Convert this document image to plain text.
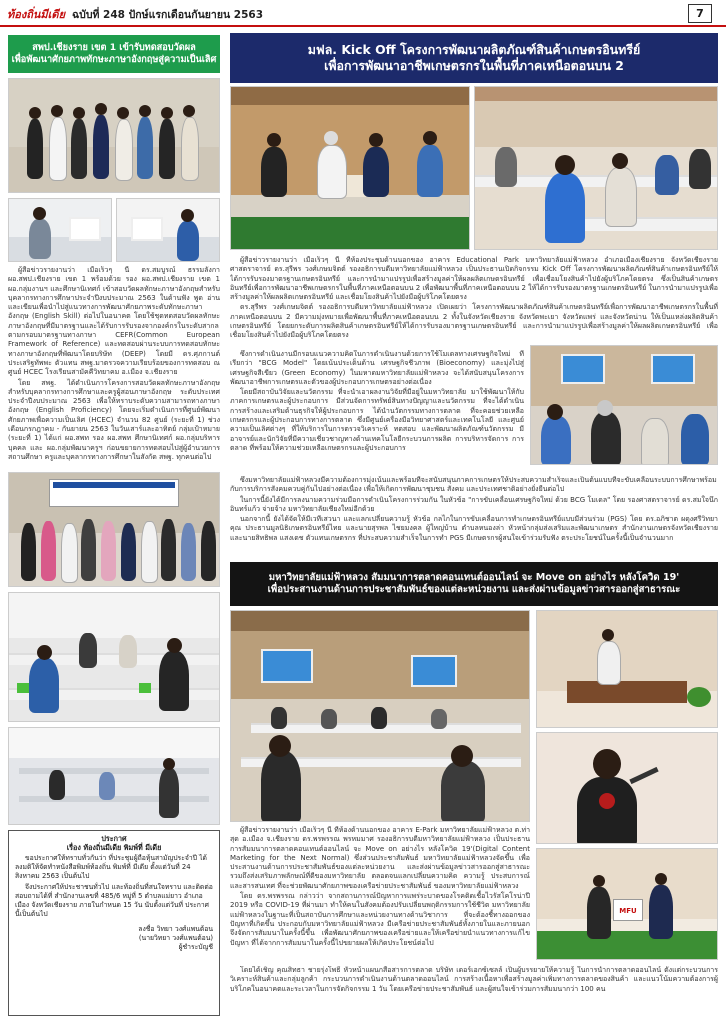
ท้องถิ่นมีเดีย ฉบับที่ 248 ปักษ์แรกเดือนกันยายน 2563	7
สพป.เชียงราย เขต 1 เข้ารับทดสอบวัดผล
เพื่อพัฒนาศักยภาพทักษะภาษาอังกฤษสู่ความเป็นเลิศ

ผู้สื่อข่าวรายงานว่า เมื่อเร็วๆ นี้ ดร.สมบูรณ์ ธรรมลังกา ผอ.สพป.เชียงราย เขต 1 พร้อมด้วย รอง ผอ.สพป.เชียงราย เขต 1 ผอ.กลุ่มงานฯ และศึกษานิเทศก์ เข้าสอบวัดผลทักษะภาษาอังกฤษสำหรับบุคลากรทางการศึกษาประจำปีงบประมาณ 2563 ในด้านฟัง พูด อ่านและเขียนเพื่อนำไปสู่แนวทางการพัฒนาศักยภาพระดับทักษะภาษาอังกฤษ (English Skill) ต่อไปในอนาคต โดยใช้ชุดทดสอบวัดผลทักษะภาษาอังกฤษที่มีมาตรฐานและได้รับการรับรองจากองค์กรในระดับสากล ตามกรอบมาตรฐานทางภาษา CEFR(Common European Framework of Reference) และทดสอบผ่านระบบการทดสอบทักษะทางภาษาอังกฤษที่พัฒนาโดยบริษัท (DEEP) โดยมี ดร.ศุภกานต์ ประเสริฐทัพพะ ตัวแทน สพฐ.มาตรวจความเรียบร้อยของการทดสอบ ณ ศูนย์ HCEC โรงเรียนสามัคคีวิทยาคม อ.เมือง จ.เชียงราย

โดย สพฐ. ได้ดำเนินการโครงการสอบวัดผลทักษะภาษาอังกฤษสำหรับบุคลากรทางการศึกษาและครูผู้สอนภาษาอังกฤษ ระดับประเทศ ประจำปีงบประมาณ 2563 เพื่อให้ทราบระดับความสามารถทางภาษาอังกฤษ (English Proficiency) โดยจะเริ่มดำเนินการที่ศูนย์พัฒนาศักยภาพเพื่อความเป็นเลิศ (HCEC) จำนวน 82 ศูนย์ (ระยะที่ 1) ช่วงเดือนกรกฎาคม - กันยายน 2563 ในวันเสาร์และอาทิตย์ กลุ่มเป้าหมาย (ระยะที่ 1) ได้แก่ ผอ.สพท รอง ผอ.สพท ศึกษานิเทศก์ ผอ.กลุ่มบริหารบุคคล และ ผอ.กลุ่มพัฒนาครูฯ ก่อนขยายการทดสอบไปสู่ผู้อำนวยการสถานศึกษา ครูและบุคลากรทางการศึกษาในสังกัด สพฐ. ทุกคนต่อไป

ประกาศ
เรื่อง ท้องถิ่นมีเดีย พิมพ์ที่ มีเดีย

ขอประกาศให้ทราบทั่วกันว่า ที่ประชุมผู้ถือหุ้นสามัญประจำปี ได้ลงมติให้จัดทำหนังสือพิมพ์ท้องถิ่น พิมพ์ที่ มีเดีย ตั้งแต่วันที่ 24 สิงหาคม 2563 เป็นต้นไป

จึงประกาศให้ประชาชนทั่วไป และท้องถิ่นที่สนใจทราบ และติดต่อสอบถามได้ที่ สำนักงานเลขที่ 485/6 หมู่ที่ 5 ตำบลแม่ยาว อำเภอเมือง จังหวัดเชียงราย ภายในกำหนด 15 วัน นับตั้งแต่วันที่ ประกาศนี้เป็นต้นไป

ลงชื่อ วิทยา วงศ์แพนต้อน
(นายวิทยา วงศ์แพนต้อน)
ผู้ชำระบัญชี
มฟล. Kick Off โครงการพัฒนาผลิตภัณฑ์สินค้าเกษตรอินทรีย์
เพื่อการพัฒนาอาชีพเกษตรกรในพื้นที่ภาคเหนือตอนบน 2

ผู้สื่อข่าวรายงานว่า เมื่อเร็วๆ นี้ ที่ห้องประชุมด้านนอกของ อาคาร Educational Park มหาวิทยาลัยแม่ฟ้าหลวง อำเภอเมืองเชียงราย จังหวัดเชียงราย ศาสตราจารย์ ดร.สุรีพร วงศ์เกษมจิตต์ รองอธิการบดีมหาวิทยาลัยแม่ฟ้าหลวง เป็นประธานเปิดกิจกรรม Kick Off โครงการพัฒนาผลิตภัณฑ์สินค้าเกษตรอินทรีย์ให้ได้การรับรองมาตรฐานเกษตรอินทรีย์ และการนำมาแปรรูปเพื่อสร้างมูลค่าให้ผลผลิตเกษตรอินทรีย์ เพื่อเชื่อมโยงสินค้าไปยังผู้บริโภคโดยตรง ซึ่งเป็นสินค้าเกษตรอินทรีย์เพื่อการพัฒนาอาชีพเกษตรกรในพื้นที่ภาคเหนือตอนบน 2 เพื่อพัฒนาพื้นที่ภาคเหนือตอนบน 2 ให้ได้การรับรองมาตรฐานเกษตรอินทรีย์ ในการนำมาแปรรูปเพื่อสร้างมูลค่าให้ผลผลิตเกษตรอินทรีย์ และเชื่อมโยงสินค้าไปยังมือผู้บริโภคโดยตรง

ดร.สุรีพร วงศ์เกษมจิตต์ รองอธิการบดีมหาวิทยาลัยแม่ฟ้าหลวง เปิดเผยว่า โครงการพัฒนาผลิตภัณฑ์สินค้าเกษตรอินทรีย์เพื่อการพัฒนาอาชีพเกษตรกรในพื้นที่ภาคเหนือตอนบน 2 มีความมุ่งหมายเพื่อพัฒนาพื้นที่ภาคเหนือตอนบน 2 ทั้งในจังหวัดเชียงราย จังหวัดพะเยา จังหวัดแพร่ และจังหวัดน่าน ให้เป็นแหล่งผลิตสินค้าเกษตรอินทรีย์ โดยยกระดับการผลิตสินค้าเกษตรอินทรีย์ให้ได้การรับรองมาตรฐานเกษตรอินทรีย์ และการนำมาแปรรูปเพื่อสร้างมูลค่าให้ผลผลิตเกษตรอินทรีย์ เพื่อเชื่อมโยงสินค้าไปยังมือผู้บริโภคโดยตรง

ซึ่งการดำเนินงานมีกรอบแนวความคิดในการดำเนินงานด้วยการใช้โมเดลทางเศรษฐกิจใหม่ ที่เรียกว่า "BCG Model" โดยเน้นประเด็นด้าน เศรษฐกิจชีวภาพ (Bioeconomy) และมุ่งไปสู่เศรษฐกิจสีเขียว (Green Economy) ในมหาดมหาวิทยาลัยแม่ฟ้าหลวง จะได้สนับสนุนโครงการพัฒนาอาชีพการเกษตรและตัวของผู้ประกอบการเกษตรอย่างต่อเนื่อง

โดยมีสถาบันวิจัยและนวัตกรรม ที่จะนำเอาผลงานวิจัยที่มีอยู่ในมหาวิทยาลัย มาใช้พัฒนาให้กับภาคการเกษตรและผู้ประกอบการ มีส่วนจัดการทรัพย์สินทางปัญญาและนวัตกรรม ที่จะได้ดำเนินการสร้างและเสริมด้านธุรกิจให้ผู้ประกอบการ ได้นำนวัตกรรมทางการตลาด ที่จะคอยช่วยเหลือเกษตรกรและผู้ประกอบการทางการตลาด ซึ่งมีศูนย์เครื่องมือวิทยาศาสตร์และเทคโนโลยี และศูนย์ความเป็นเลิศต่างๆ ที่ให้บริการในการตรวจวิเคราะห์ ทดสอบ และพัฒนาผลิตภัณฑ์นวัตกรรม มีอาจารย์และนักวิจัยที่มีความเชี่ยวชาญทางด้านเทคโนโลยีกระบวนการผลิต การบริหารจัดการ การตลาด ที่พร้อมให้ความช่วยเหลือเกษตรกรและผู้ประกอบการ

ซึ่งมหาวิทยาลัยแม่ฟ้าหลวงมีความต้องการมุ่งเน้นและพร้อมที่จะสนับสนุนภาคการเกษตรให้ประสบความสำเร็จและเป็นต้นแบบที่จะขับเคลื่อนระบบการศึกษาพร้อมกับการบริการสังคมควบคู่กันไปอย่างต่อเนื่อง เพื่อให้เกิดการพัฒนาชุมชน สังคม และประเทศชาติอย่างยั่งยืนต่อไป

ในการนี้ยังได้มีการลงนามความร่วมมือการดำเนินโครงการร่วมกัน ในหัวข้อ "การขับเคลื่อนเศรษฐกิจใหม่ ด้วย BCG โมเดล" โดย รองศาสตราจารย์ ดร.สมใจนึก อินทร์แก้ว จ่ายจ้าง มหาวิทยาลัยเชียงใหม่อีกด้วย

นอกจากนี้ ยังได้จัดให้มีเวทีเสวนา และแลกเปลี่ยนความรู้ หัวข้อ กลไกในการขับเคลื่อนการทำเกษตรอินทรีย์แบบมีส่วนร่วม (PGS) โดย ดร.อภิชาต ผดุงศรีวิทยาคุณ ประธานมูลนิธิเกษตรอินทรีย์ไทย และนายสุรพล ไชยมงคล ผู้ใหญ่บ้าน ตำบลหนองล่า หัวหน้ากลุ่มส่งเสริมและพัฒนาเกษตร สำนักงานเกษตรจังหวัดเชียงราย และนายสิทธิพล แสงเดช ตัวแทนเกษตรกร ที่ประสบความสำเร็จในการทำ PGS มีเกษตรกรผู้สนใจเข้าร่วมรับฟัง ตระประโยชน์ในครั้งนี้เป็นจำนวนมาก

มหาวิทยาลัยแม่ฟ้าหลวง สัมมนาการตลาดคอนเทนต์ออนไลน์ จะ Move on อย่างไร หลังโควิด 19'
เพื่อประสานงานด้านการประชาสัมพันธ์ของแต่ละหน่วยงาน และส่งผ่านข้อมูลข่าวสารออกสู่สาธารณะ
MFU

ผู้สื่อข่าวรายงานว่า เมื่อเร็วๆ นี้ ที่ห้องด้านนอกของ อาคาร E-Park มหาวิทยาลัยแม่ฟ้าหลวง ต.ท่าสุด อ.เมือง จ.เชียงราย ดร.พรพรรณ พรหมมาศ รองอธิการบดีมหาวิทยาลัยแม่ฟ้าหลวง เป็นประธานการสัมมนาการตลาดคอนเทนต์ออนไลน์ จะ Move on อย่างไร หลังโควิด 19'(Digital Content Marketing for the Next Normal) ซึ่งส่วนประชาสัมพันธ์ มหาวิทยาลัยแม่ฟ้าหลวงจัดขึ้น เพื่อประสานงานด้านการประชาสัมพันธ์ของแต่ละหน่วยงาน และส่งผ่านข้อมูลข่าวสารออกสู่สาธารณะรวมถึงส่งเสริมภาพลักษณ์ที่ดีของมหาวิทยาลัย ตลอดจนแลกเปลี่ยนความคิด ความรู้ ประสบการณ์ และสารสนเทศ ที่จะช่วยพัฒนาศักยภาพของเครือข่ายประชาสัมพันธ์ ของมหาวิทยาลัยแม่ฟ้าหลวง

โดย ดร.พรพรรณ กล่าวว่า จากสถานการณ์ปัญหาการแพร่ระบาดของโรคติดเชื้อไวรัสโคโรน่าปี 2019 หรือ COVID-19 ที่ผ่านมา ทำให้คนในสังคมต้องปรับเปลี่ยนพฤติกรรมการใช้ชีวิต มหาวิทยาลัยแม่ฟ้าหลวงในฐานะที่เป็นสถาบันการศึกษาและหน่วยงานทางด้านวิชาการ ที่จะต้องชี้ทางออกของปัญหาที่เกิดขึ้น ประกอบกับมหาวิทยาลัยแม่ฟ้าหลวง มีเครือข่ายประชาสัมพันธ์ทั้งภายในและภายนอก จึงจัดการสัมมนาในครั้งนี้ขึ้น เพื่อพัฒนาศักยภาพของเครือข่ายและให้เครือข่ายนำแนวทางการแก้ไขปัญหา ที่ได้จากการสัมมนาในครั้งนี้ไปขยายผลให้เกิดประโยชน์ต่อไป

โดยได้เชิญ คุณสิทธา ชายรุ่งโพธิ์ หัวหน้าแผนกสื่อสารการตลาด บริษัท เดอร์เอกซ์เซลล์ เป็นผู้บรรยายให้ความรู้ ในการนำการตลาดออนไลน์ ตั้งแต่กระบวนการวิเคราะห์สินค้าและกลุ่มลูกค้า กระบวนการดำเนินงานด้านตลาดออนไลน์ การสร้างเนื้อหาเพื่อสร้างมูลค่าเพิ่มทางการตลาดของสินค้า และแนวโน้มความต้องการผู้บริโภคในอนาคตและระเวลาในการจัดกิจกรรม 1 วัน โดยเครือข่ายประชาสัมพันธ์ และผู้สนใจเข้าร่วมการสัมมนากว่า 100 คน
